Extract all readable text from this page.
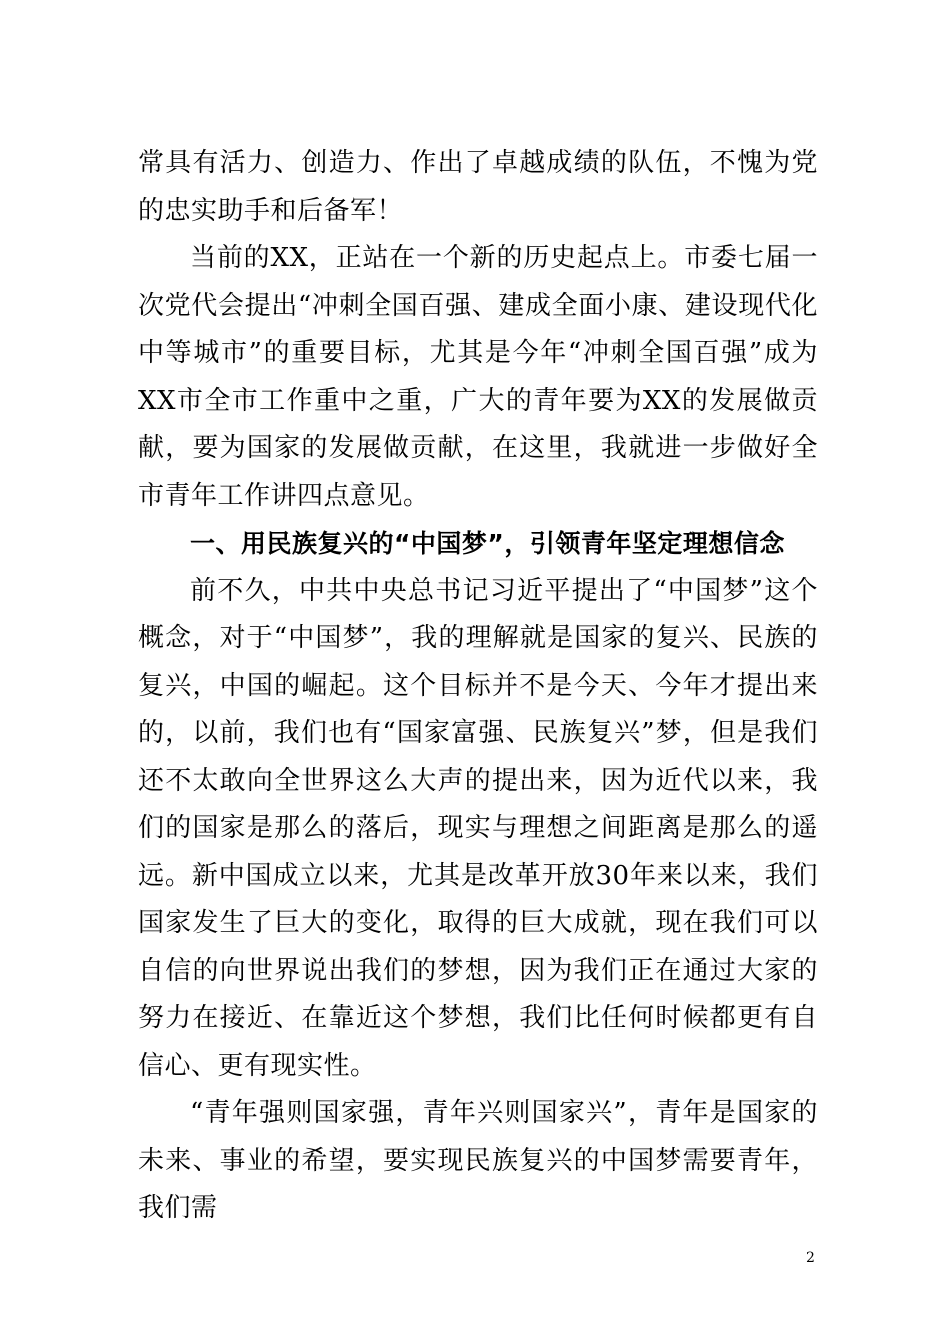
常具有活力、创造力、作出了卓越成绩的队伍，不愧为党的忠实助手和后备军！

当前的XX，正站在一个新的历史起点上。市委七届一次党代会提出“冲刺全国百强、建成全面小康、建设现代化中等城市”的重要目标，尤其是今年“冲刺全国百强”成为XX市全市工作重中之重，广大的青年要为XX的发展做贡献，要为国家的发展做贡献，在这里，我就进一步做好全市青年工作讲四点意见。

一、用民族复兴的“中国梦”，引领青年坚定理想信念

前不久，中共中央总书记习近平提出了“中国梦”这个概念，对于“中国梦”，我的理解就是国家的复兴、民族的复兴，中国的崛起。这个目标并不是今天、今年才提出来的，以前，我们也有“国家富强、民族复兴”梦，但是我们还不太敢向全世界这么大声的提出来，因为近代以来，我们的国家是那么的落后，现实与理想之间距离是那么的遥远。新中国成立以来，尤其是改革开放30年来以来，我们国家发生了巨大的变化，取得的巨大成就，现在我们可以自信的向世界说出我们的梦想，因为我们正在通过大家的努力在接近、在靠近这个梦想，我们比任何时候都更有自信心、更有现实性。

“青年强则国家强，青年兴则国家兴”，青年是国家的未来、事业的希望，要实现民族复兴的中国梦需要青年，我们需

2
